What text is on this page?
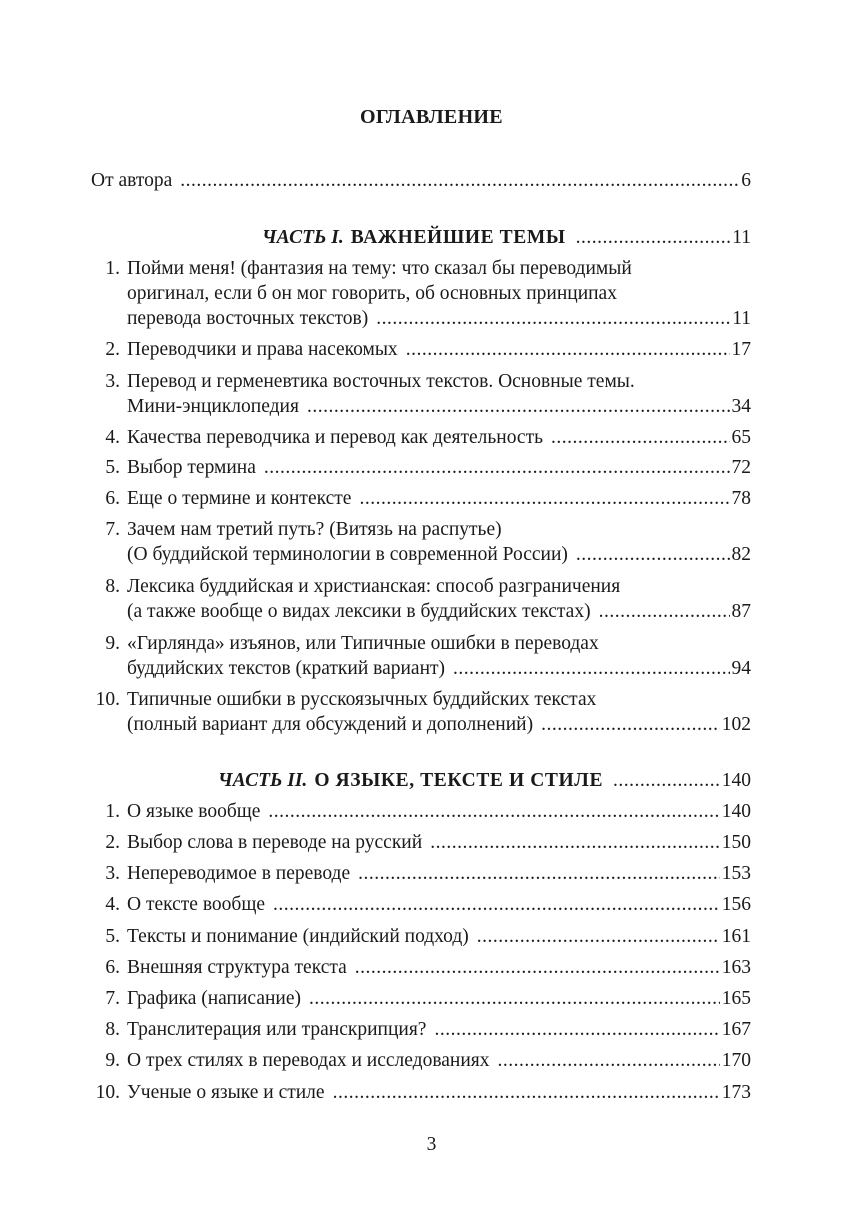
ОГЛАВЛЕНИЕ
От автора .....	6
ЧАСТЬ I. ВАЖНЕЙШИЕ ТЕМЫ .....	11
1. Пойми меня! (фантазия на тему: что сказал бы переводимый
оригинал, если б он мог говорить, об основных принципах
перевода восточных текстов) .....	11
2. Переводчики и права насекомых .....	17
3. Перевод и герменевтика восточных текстов. Основные темы.
Мини-энциклопедия .....	34
4. Качества переводчика и перевод как деятельность .....	65
5. Выбор термина .....	72
6. Еще о термине и контексте .....	78
7. Зачем нам третий путь? (Витязь на распутье)
(О буддийской терминологии в современной России) .....	82
8. Лексика буддийская и христианская: способ разграничения
(а также вообще о видах лексики в буддийских текстах) .....	87
9. «Гирлянда» изъянов, или Типичные ошибки в переводах
буддийских текстов (краткий вариант) .....	94
10. Типичные ошибки в русскоязычных буддийских текстах
(полный вариант для обсуждений и дополнений) .....	102
ЧАСТЬ II. О ЯЗЫКЕ, ТЕКСТЕ И СТИЛЕ .....	140
1. О языке вообще .....	140
2. Выбор слова в переводе на русский .....	150
3. Непереводимое в переводе .....	153
4. О тексте вообще .....	156
5. Тексты и понимание (индийский подход) .....	161
6. Внешняя структура текста .....	163
7. Графика (написание) .....	165
8. Транслитерация или транскрипция? .....	167
9. О трех стилях в переводах и исследованиях .....	170
10. Ученые о языке и стиле .....	173
3
